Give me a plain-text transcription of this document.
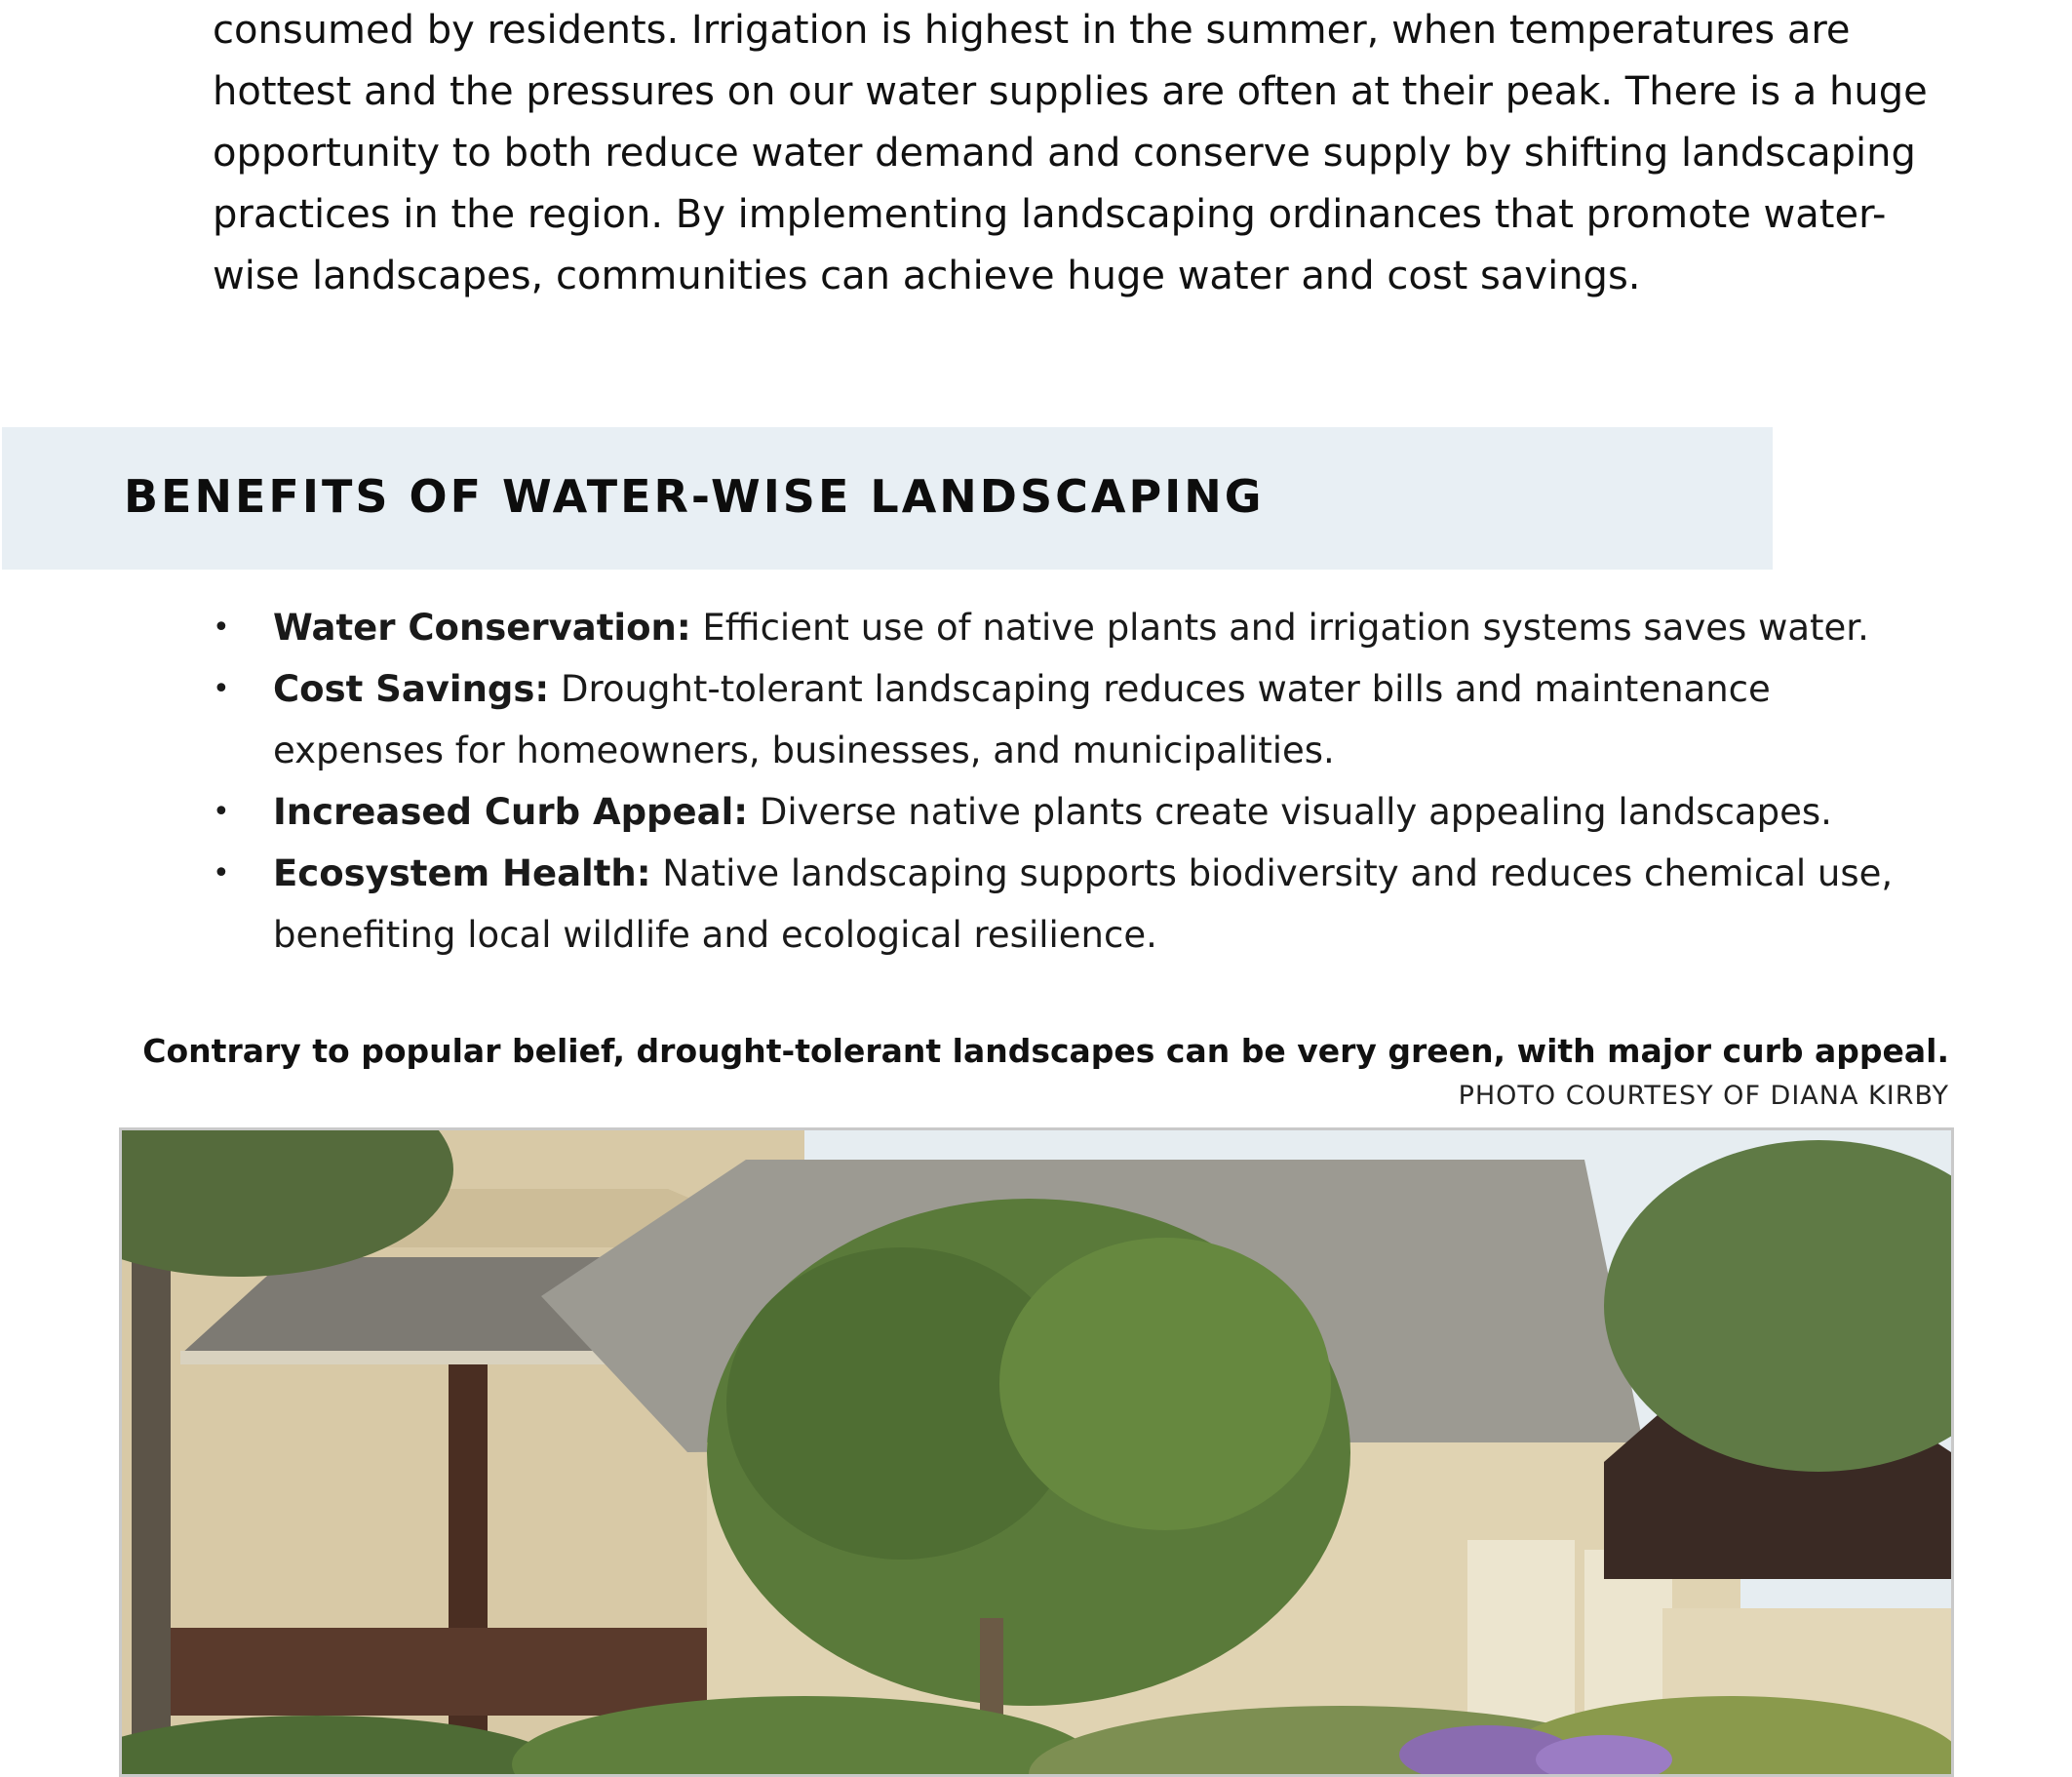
consumed by residents. Irrigation is highest in the summer, when temperatures are hottest and the pressures on our water supplies are often at their peak. There is a huge opportunity to both reduce water demand and conserve supply by shifting landscaping practices in the region. By implementing landscaping ordinances that promote water-wise landscapes, communities can achieve huge water and cost savings.

BENEFITS OF WATER-WISE LANDSCAPING
• Water Conservation: Efficient use of native plants and irrigation systems saves water.
• Cost Savings: Drought-tolerant landscaping reduces water bills and maintenance expenses for homeowners, businesses, and municipalities.
• Increased Curb Appeal: Diverse native plants create visually appealing landscapes.
• Ecosystem Health: Native landscaping supports biodiversity and reduces chemical use, benefiting local wildlife and ecological resilience.
Contrary to popular belief, drought-tolerant landscapes can be very green, with major curb appeal.
PHOTO COURTESY OF DIANA KIRBY
